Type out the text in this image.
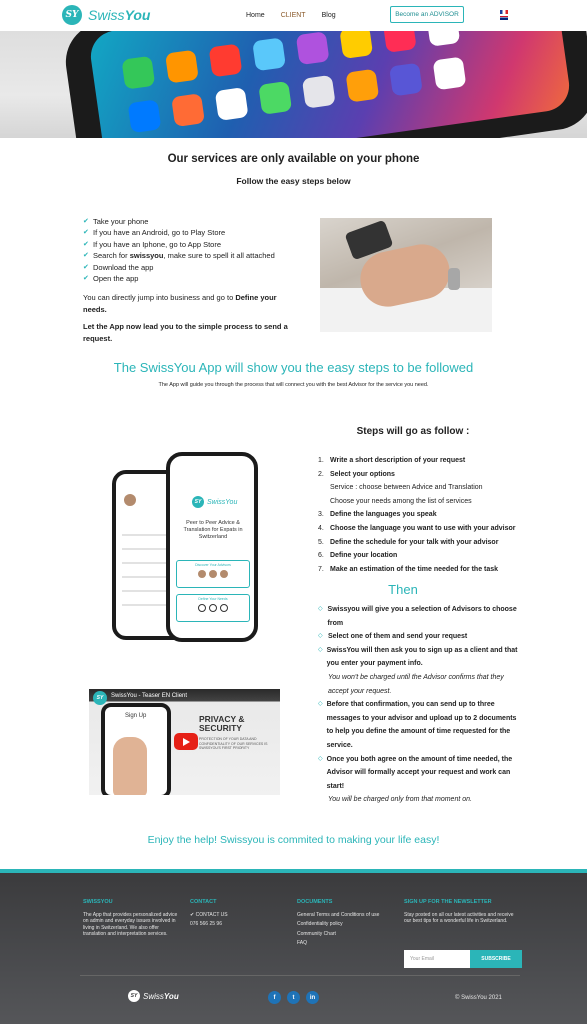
SY SwissYou	Home CLIENT Blog	Become an ADVISOR
Our services are only available on your phone
Follow the easy steps below
✔ Take your phone
✔ If you have an Android, go to Play Store
✔ If you have an Iphone, go to App Store
✔ Search for swissyou, make sure to spell it all attached
✔ Download the app
✔ Open the app
You can directly jump into business and go to Define your needs.
Let the App now lead you to the simple process to send a request.
The SwissYou App will show you the easy steps to be followed
The App will guide you through the process that will connect you with the best Advisor for the service you need.
SY SwissYou
Peer to Peer Advice & Translation for Expats in Switzerland
Discover Your Advisors
Define Your Needs
Steps will go as follow :
1. Write a short description of your request
2. Select your options
Service : choose between Advice and Translation
Choose your needs among the list of services
3. Define the languages you speak
4. Choose the language you want to use with your advisor
5. Define the schedule for your talk with your advisor
6. Define your location
7. Make an estimation of the time needed for the task
Then
◇ Swissyou will give you a selection of Advisors to choose from
◇ Select one of them and send your request
◇ SwissYou will then ask you to sign up as a client and that you enter your payment info.
You won't be charged until the Advisor confirms that they accept your request.
◇ Before that confirmation, you can send up to three messages to your advisor and upload up to 2 documents to help you define the amount of time requested for the service.
◇ Once you both agree on the amount of time needed, the Advisor will formally accept your request and work can start!
You will be charged only from that moment on.
SY	SwissYou - Teaser EN Client
Sign Up	PRIVACY & SECURITY
PROTECTION OF YOUR DATA AND CONFIDENTIALITY OF OUR SERVICES IS SWISSYOU'S FIRST PRIORITY
Enjoy the help! Swissyou is commited to making your life easy!
SWISSYOU
The App that provides personalized advice on admin and everyday issues involved in living in Switzerland. We also offer translation and interpretation services.
CONTACT
✔ CONTACT US
076 566 25 96
DOCUMENTS
General Terms and Conditions of use
Confidentiality policy
Community Chart
FAQ
SIGN UP FOR THE NEWSLETTER
Stay posted on all our latest activities and receive our best tips for a wonderful life in Switzerland.
Your Email	SUBSCRIBE
SY SwissYou	f	t	in	© SwissYou 2021
